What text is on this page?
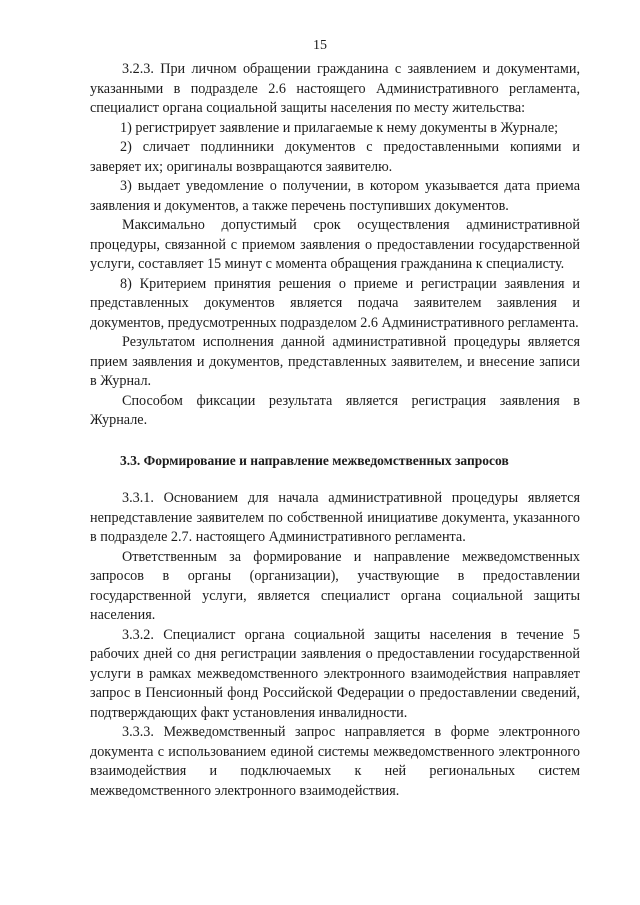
15

3.2.3. При личном обращении гражданина с заявлением и документами, указанными в подразделе 2.6 настоящего Административного регламента, специалист органа социальной защиты населения по месту жительства:

1) регистрирует заявление и прилагаемые к нему документы в Журнале;

2) сличает подлинники документов с предоставленными копиями и заверяет их; оригиналы возвращаются заявителю.

3) выдает уведомление о получении, в котором указывается дата приема заявления и документов, а также перечень поступивших документов.

Максимально допустимый срок осуществления административной процедуры, связанной с приемом заявления о предоставлении государственной услуги, составляет 15 минут с момента обращения гражданина к специалисту.

8) Критерием принятия решения о приеме и регистрации заявления и представленных документов является подача заявителем заявления и документов, предусмотренных подразделом 2.6 Административного регламента.

Результатом исполнения данной административной процедуры является прием заявления и документов, представленных заявителем, и внесение записи в Журнал.

Способом фиксации результата является регистрация заявления в Журнале.

3.3. Формирование и направление межведомственных запросов

3.3.1. Основанием для начала административной процедуры является непредставление заявителем по собственной инициативе документа, указанного в подразделе 2.7. настоящего Административного регламента.

Ответственным за формирование и направление межведомственных запросов в органы (организации), участвующие в предоставлении государственной услуги, является специалист органа социальной защиты населения.

3.3.2. Специалист органа социальной защиты населения в течение 5 рабочих дней со дня регистрации заявления о предоставлении государственной услуги в рамках межведомственного электронного взаимодействия направляет запрос в Пенсионный фонд Российской Федерации о предоставлении сведений, подтверждающих факт установления инвалидности.

3.3.3. Межведомственный запрос направляется в форме электронного документа с использованием единой системы межведомственного электронного взаимодействия и подключаемых к ней региональных систем межведомственного электронного взаимодействия.
